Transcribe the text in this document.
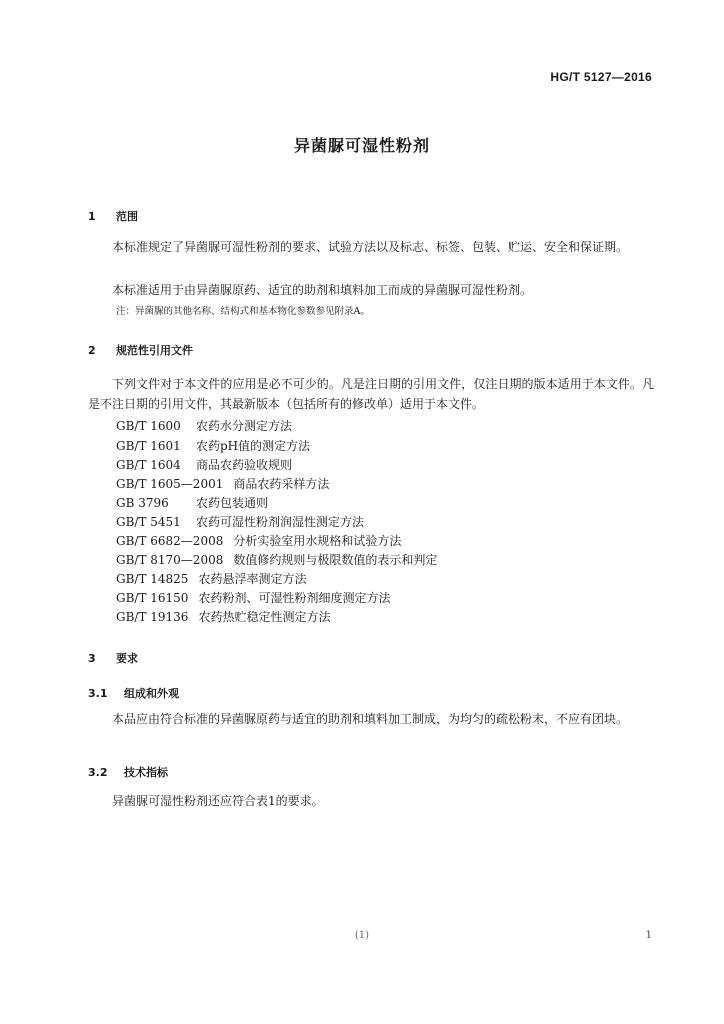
HG/T 5127—2016
异菌脲可湿性粉剂
1 范围
本标准规定了异菌脲可湿性粉剂的要求、试验方法以及标志、标签、包装、贮运、安全和保证期。
本标准适用于由异菌脲原药、适宜的助剂和填料加工而成的异菌脲可湿性粉剂。
注：异菌脲的其他名称、结构式和基本物化参数参见附录A。
2 规范性引用文件
下列文件对于本文件的应用是必不可少的。凡是注日期的引用文件，仅注日期的版本适用于本文件。凡是不注日期的引用文件，其最新版本（包括所有的修改单）适用于本文件。
GB/T 1600 农药水分测定方法
GB/T 1601 农药pH值的测定方法
GB/T 1604 商品农药验收规则
GB/T 1605—2001 商品农药采样方法
GB 3796 农药包装通则
GB/T 5451 农药可湿性粉剂润湿性测定方法
GB/T 6682—2008 分析实验室用水规格和试验方法
GB/T 8170—2008 数值修约规则与极限数值的表示和判定
GB/T 14825 农药悬浮率测定方法
GB/T 16150 农药粉剂、可湿性粉剂细度测定方法
GB/T 19136 农药热贮稳定性测定方法
3 要求
3.1 组成和外观
本品应由符合标准的异菌脲原药与适宜的助剂和填料加工制成，为均匀的疏松粉末，不应有团块。
3.2 技术指标
异菌脲可湿性粉剂还应符合表1的要求。
(1)	1
